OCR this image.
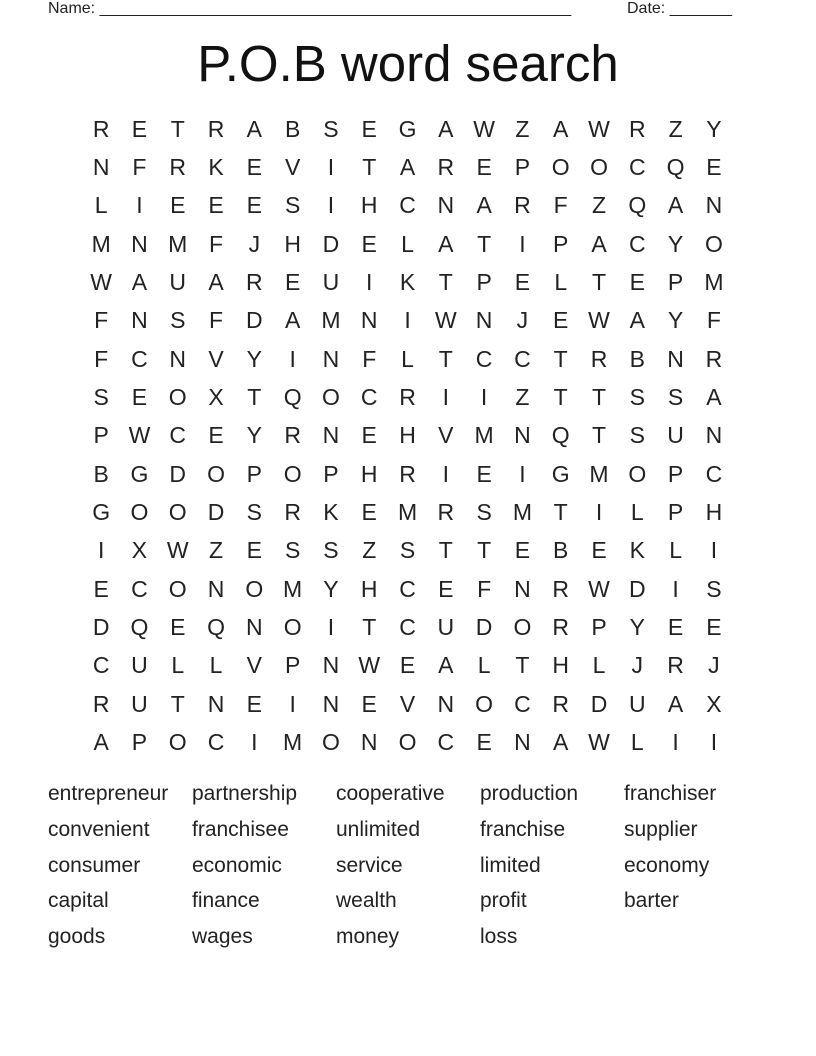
Name: _____________________________________________________	Date: _______
P.O.B word search
R E	T R A B S E G A W Z	A W R Z	Y
N F R K E V	I	T	A R E P O O C Q E
L	I	E E E S	I	H C N A R F	Z Q A N
M N M F	J	H D E	L	A	T	I	P A C Y O
W A U A R E U	I	K	T	P E	L	T	E P M
F N S	F D A M N	I	W N	J	E W A Y	F
F C N V Y	I	N F	L	T C C T R B N R
S E O X	T Q O C R	I	I	Z	T	T	S S A
P W C E Y R N E H V M N Q T	S U N
B G D O P O P H R	I	E	I	G M O P C
G O O D S R K E M R S M T	I	L	P H
I	X W Z	E S S	Z	S	T	T	E B E K	L	I
E C O N O M Y H C E	F N R W D	I	S
D Q E Q N O	I	T C U D O R P Y E E
C U	L	L	V P N W E A	L	T H	L	J	R	J
R U T N E	I	N E V N O C R D U A X
A P O C	I	M O N O C E N A W L	I	I
entrepreneur	partnership	cooperative	production	franchiser
convenient	franchisee	unlimited	franchise	supplier
consumer	economic	service	limited	economy
capital	finance	wealth	profit	barter
goods	wages	money	loss
